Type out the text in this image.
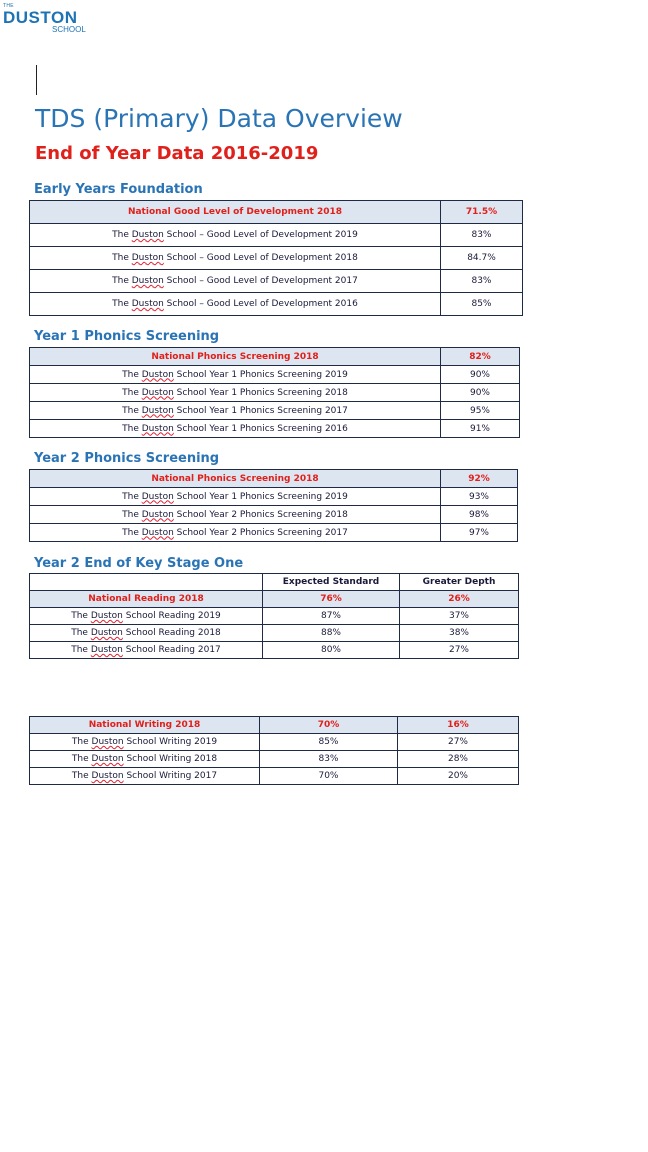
THE
DUSTON
SCHOOL
TDS (Primary) Data Overview
End of Year Data 2016-2019
Early Years Foundation
National Good Level of Development 2018	71.5%
The Duston School – Good Level of Development 2019	83%
The Duston School – Good Level of Development 2018	84.7%
The Duston School – Good Level of Development 2017	83%
The Duston School – Good Level of Development 2016	85%
Year 1 Phonics Screening
National Phonics Screening 2018	82%
The Duston School Year 1 Phonics Screening 2019	90%
The Duston School Year 1 Phonics Screening 2018	90%
The Duston School Year 1 Phonics Screening 2017	95%
The Duston School Year 1 Phonics Screening 2016	91%
Year 2 Phonics Screening
National Phonics Screening 2018	92%
The Duston School Year 1 Phonics Screening 2019	93%
The Duston School Year 2 Phonics Screening 2018	98%
The Duston School Year 2 Phonics Screening 2017	97%
Year 2 End of Key Stage One
	Expected Standard	Greater Depth
National Reading 2018	76%	26%
The Duston School Reading 2019	87%	37%
The Duston School Reading 2018	88%	38%
The Duston School Reading 2017	80%	27%
National Writing 2018	70%	16%
The Duston School Writing 2019	85%	27%
The Duston School Writing 2018	83%	28%
The Duston School Writing 2017	70%	20%
